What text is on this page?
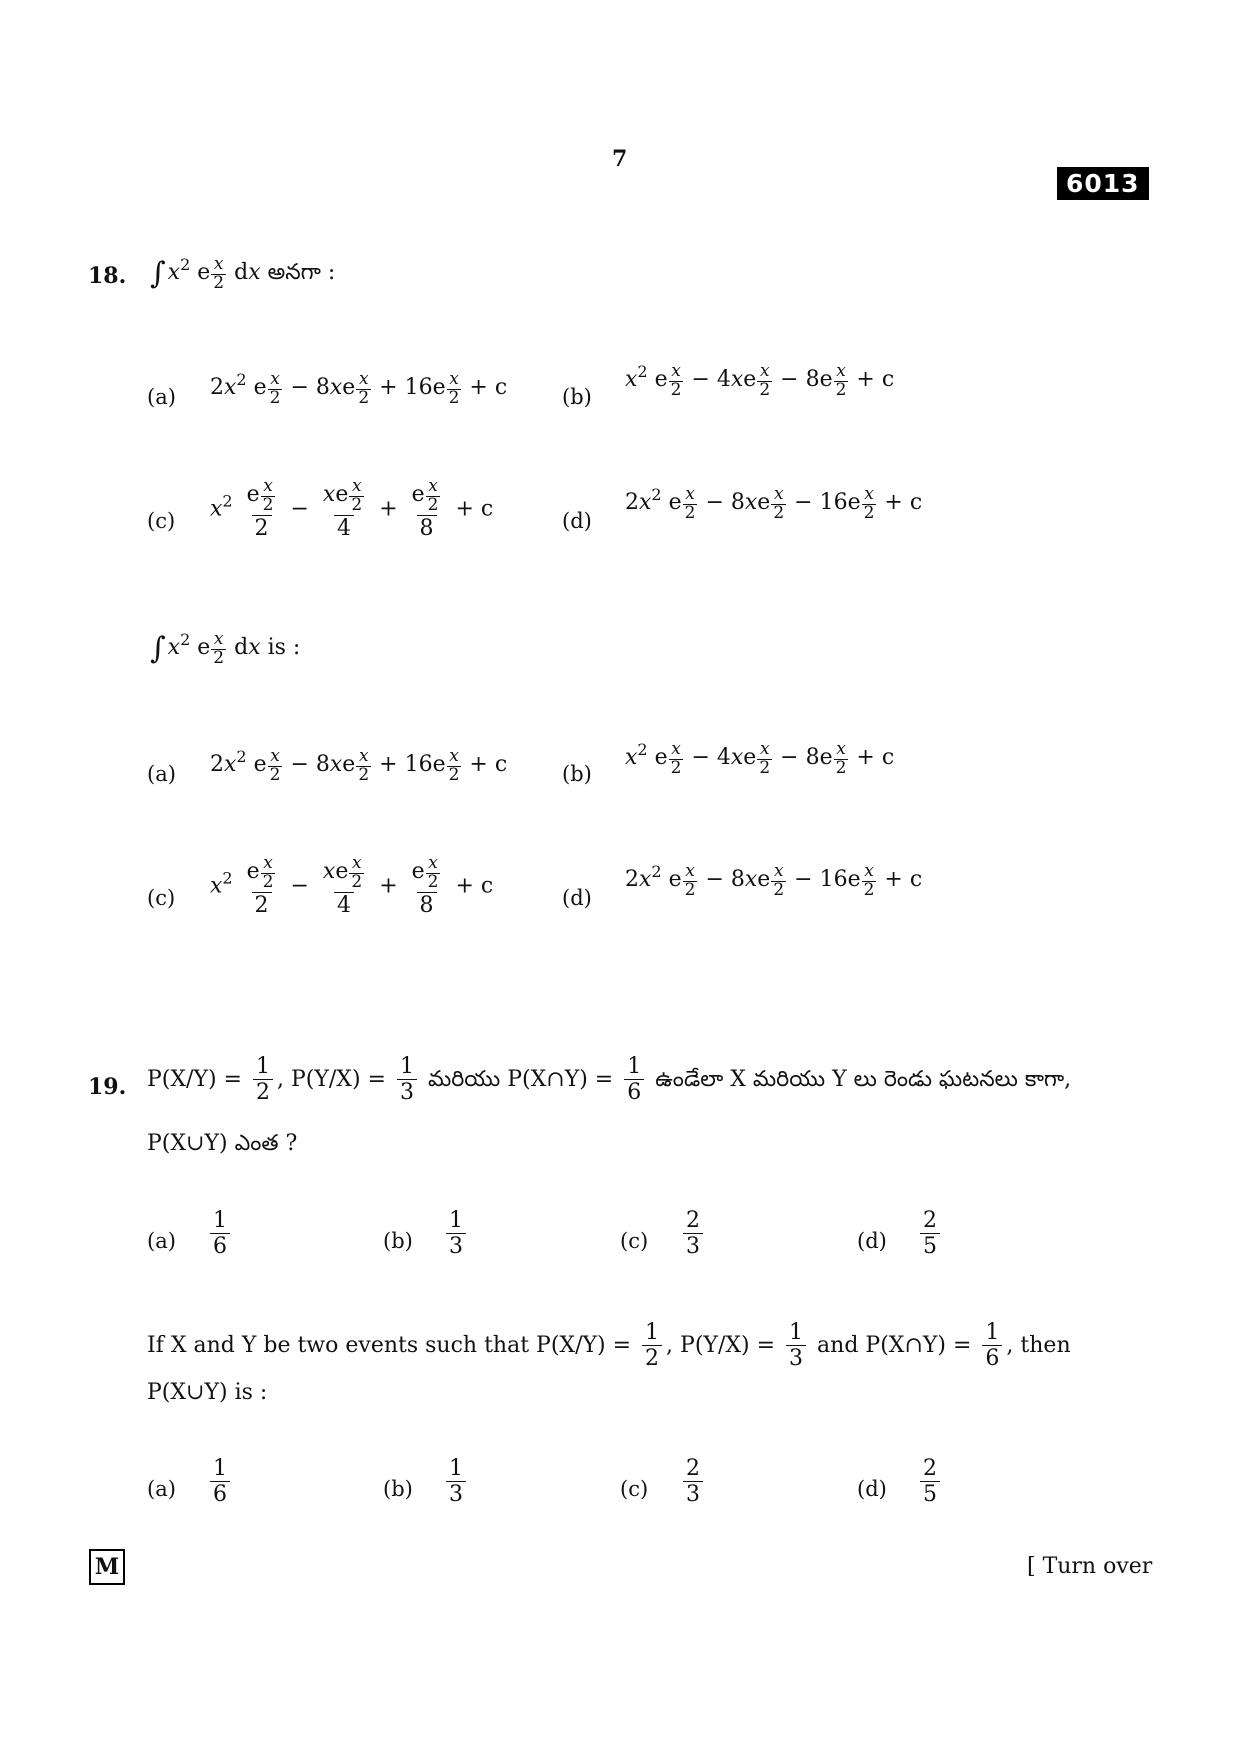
7
6013
18. $\int x^2$ e $\frac{x}{2}$ dx అనగా :
(a) $2x^2$ e $\frac{x}{2} - 8xe \frac{x}{2} + 16e \frac{x}{2} + c$	(b)
$x^2$ e $\frac{x}{2} - 4xe \frac{x}{2} - 8e \frac{x}{2} + c$
(c) $x^2 \frac{e \frac{x}{2}}{2} - \frac{xe \frac{x}{2}}{4} + \frac{e \frac{x}{2}}{8} + c$	(d)
$2x^2$ e $\frac{x}{2} - 8xe \frac{x}{2} - 16e \frac{x}{2} + c$
$\int x^2$ e $\frac{x}{2}$ dx is :
(a) $2x^2$ e $\frac{x}{2} - 8xe \frac{x}{2} + 16e \frac{x}{2} + c$	(b)
$x^2$ e $\frac{x}{2} - 4xe \frac{x}{2} - 8e \frac{x}{2} + c$
(c) $x^2 \frac{e \frac{x}{2}}{2} - \frac{xe \frac{x}{2}}{4} + \frac{e \frac{x}{2}}{8} + c$	(d)
$2x^2$ e $\frac{x}{2} - 8xe \frac{x}{2} - 16e \frac{x}{2} + c$
19. $P(X/Y) = \frac{1}{2}$ , $P(Y/X) = \frac{1}{3}$ మరియు P(X∩Y) = $\frac{1}{6}$ ఉండేలా X మరియు Y లు రెండు ఘటనలు కాగా,
P(X∪Y) ఎంత ?
$(a) \frac{1}{6}$	$(b) \frac{1}{3}$	$(c) \frac{2}{3}$	$(d) \frac{2}{5}$
If X and Y be two events such that $P(X/Y) = \frac{1}{2}$ , $P(Y/X) = \frac{1}{3}$ and P(X∩Y) = $\frac{1}{6}$ , then
P(X∪Y) is :
$(a) \frac{1}{6}$	$(b) \frac{1}{3}$	$(c) \frac{2}{3}$	$(d) \frac{2}{5}$
M	[ Turn over
